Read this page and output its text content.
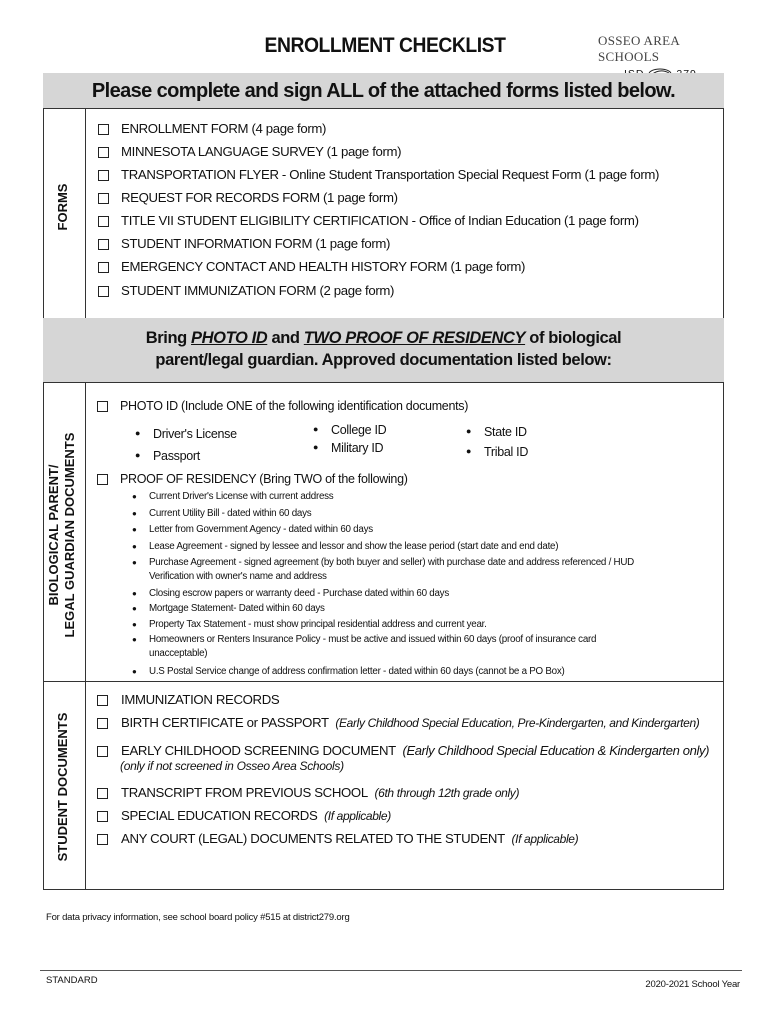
ENROLLMENT CHECKLIST	OSSEO AREA SCHOOLS
Please complete and sign ALL of the attached forms listed below.
Bring PHOTO ID and TWO PROOF OF RESIDENCY of biological
parent/legal guardian. Approved documentation listed below:
FORMS
BIOLOGICAL PARENT/ LEGAL GUARDIAN DOCUMENTS
STUDENT DOCUMENTS
ENROLLMENT FORM (4 page form)
MINNESOTA LANGUAGE SURVEY (1 page form)
TRANSPORTATION FLYER - Online Student Transportation Special Request Form (1 page form)
REQUEST FOR RECORDS FORM (1 page form)
TITLE VII STUDENT ELIGIBILITY CERTIFICATION - Office of Indian Education (1 page form)
STUDENT INFORMATION FORM (1 page form)
EMERGENCY CONTACT AND HEALTH HISTORY FORM (1 page form)
STUDENT IMMUNIZATION FORM (2 page form)
PHOTO ID (Include ONE of the following identification documents)
● Driver's License
● Passport
● College ID
● Military ID
● State ID
● Tribal ID
PROOF OF RESIDENCY (Bring TWO of the following)
● Current Driver's License with current address
● Current Utility Bill - dated within 60 days
● Letter from Government Agency - dated within 60 days
● Lease Agreement - signed by lessee and lessor and show the lease period (start date and end date)
● Purchase Agreement - signed agreement (by both buyer and seller) with purchase date and address referenced / HUD
Verification with owner's name and address
● Closing escrow papers or warranty deed - Purchase dated within 60 days
● Mortgage Statement- Dated within 60 days
● Property Tax Statement - must show principal residential address and current year.
● Homeowners or Renters Insurance Policy - must be active and issued within 60 days (proof of insurance card
unacceptable)
● U.S Postal Service change of address confirmation letter - dated within 60 days (cannot be a PO Box)
IMMUNIZATION RECORDS
BIRTH CERTIFICATE or PASSPORT (Early Childhood Special Education, Pre-Kindergarten, and Kindergarten)
EARLY CHILDHOOD SCREENING DOCUMENT (Early Childhood Special Education & Kindergarten only)
(only if not screened in Osseo Area Schools)
TRANSCRIPT FROM PREVIOUS SCHOOL (6th through 12th grade only)
SPECIAL EDUCATION RECORDS (If applicable)
ANY COURT (LEGAL) DOCUMENTS RELATED TO THE STUDENT (If applicable)
For data privacy information, see school board policy #515 at district279.org
STANDARD	2020-2021 School Year
